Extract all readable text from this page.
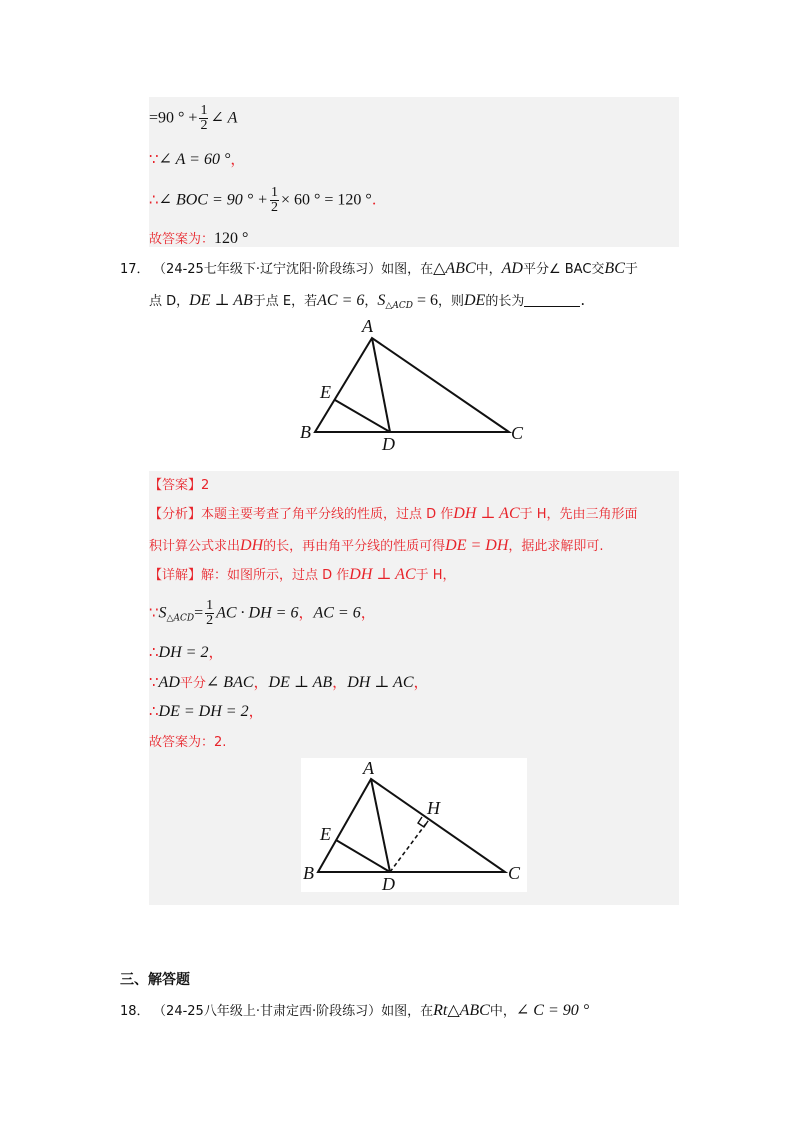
=90 ° + $\frac{1}{2}$ ∠ A
∵∠ A = 60 °，
∴∠ BOC = 90 ° + $\frac{1}{2} \times 60$ ° = 120 °.
故答案为：120 °
17． （24-25七年级下·辽宁沈阳·阶段练习）如图，在△ABC中，AD平分∠ BAC交BC于
点 D，DE ⊥ AB于点 E，若AC = 6，$S_{\triangle ACD} = 6$，则DE的长为	.
A
B	C
D
E
【答案】2
【分析】本题主要考查了角平分线的性质，过点 D 作DH ⊥ AC于 H，先由三角形面
积计算公式求出DH的长，再由角平分线的性质可得DE = DH，据此求解即可.
【详解】解：如图所示，过点 D 作DH ⊥ AC于 H，
$\because S_{\triangle ACD}= \frac{1}{2}$ AC · DH = 6，AC = 6，
∴DH = 2，
∵AD平分∠ BAC，DE ⊥ AB，DH ⊥ AC，
∴DE = DH = 2，
故答案为：2.
A
H
E
B	C
D
三、解答题
18． （24-25八年级上·甘肃定西·阶段练习）如图，在Rt△ABC中，∠ C = 90 °
